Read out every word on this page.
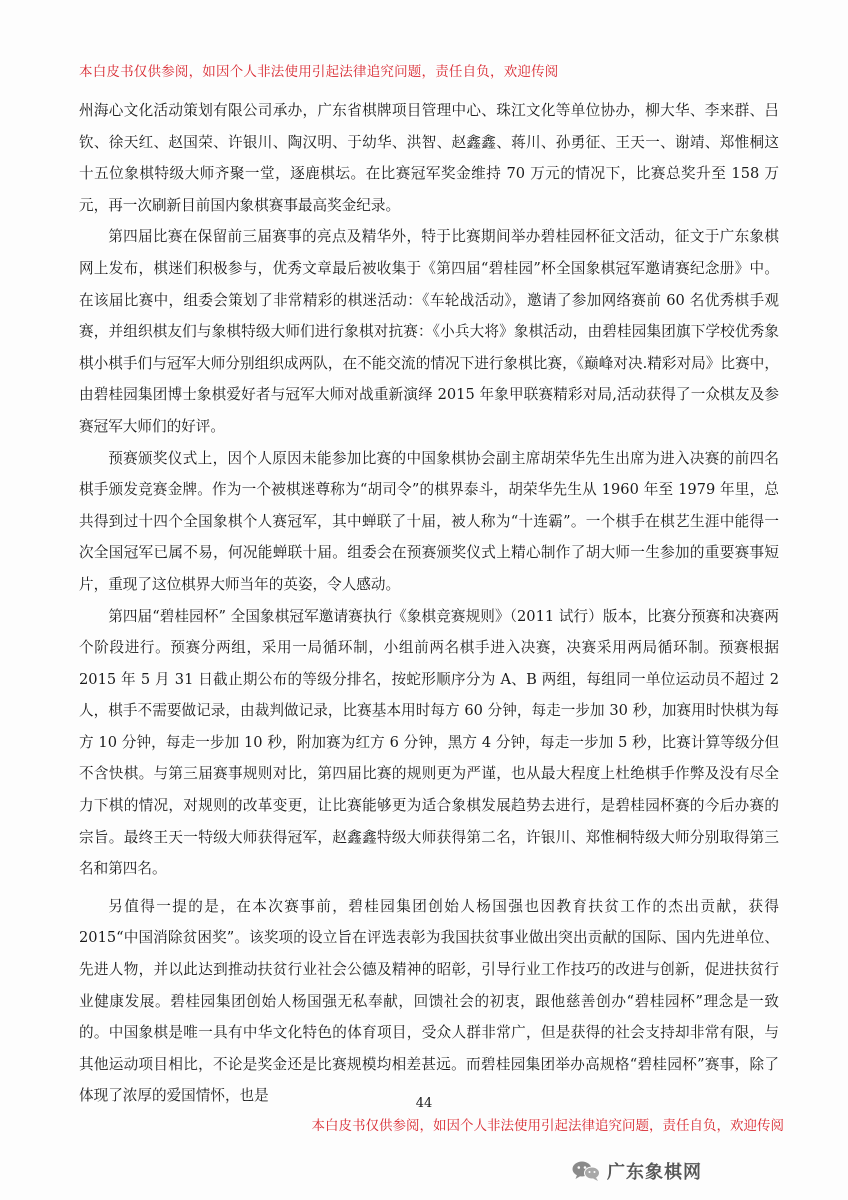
本白皮书仅供参阅，如因个人非法使用引起法律追究问题，责任自负，欢迎传阅

州海心文化活动策划有限公司承办，广东省棋牌项目管理中心、珠江文化等单位协办，柳大华、李来群、吕钦、徐天红、赵国荣、许银川、陶汉明、于幼华、洪智、赵鑫鑫、蒋川、孙勇征、王天一、谢靖、郑惟桐这十五位象棋特级大师齐聚一堂，逐鹿棋坛。在比赛冠军奖金维持 70 万元的情况下，比赛总奖升至 158 万元，再一次刷新目前国内象棋赛事最高奖金纪录。

第四届比赛在保留前三届赛事的亮点及精华外，特于比赛期间举办碧桂园杯征文活动，征文于广东象棋网上发布，棋迷们积极参与，优秀文章最后被收集于《第四届“碧桂园”杯全国象棋冠军邀请赛纪念册》中。在该届比赛中，组委会策划了非常精彩的棋迷活动：《车轮战活动》，邀请了参加网络赛前 60 名优秀棋手观赛，并组织棋友们与象棋特级大师们进行象棋对抗赛：《小兵大将》象棋活动，由碧桂园集团旗下学校优秀象棋小棋手们与冠军大师分别组织成两队，在不能交流的情况下进行象棋比赛，《巅峰对决.精彩对局》比赛中，由碧桂园集团博士象棋爱好者与冠军大师对战重新演绎 2015 年象甲联赛精彩对局,活动获得了一众棋友及参赛冠军大师们的好评。

预赛颁奖仪式上，因个人原因未能参加比赛的中国象棋协会副主席胡荣华先生出席为进入决赛的前四名棋手颁发竞赛金牌。作为一个被棋迷尊称为“胡司令”的棋界泰斗，胡荣华先生从 1960 年至 1979 年里，总共得到过十四个全国象棋个人赛冠军，其中蝉联了十届，被人称为“十连霸”。一个棋手在棋艺生涯中能得一次全国冠军已属不易，何况能蝉联十届。组委会在预赛颁奖仪式上精心制作了胡大师一生参加的重要赛事短片，重现了这位棋界大师当年的英姿，令人感动。

第四届“碧桂园杯” 全国象棋冠军邀请赛执行《象棋竞赛规则》（2011 试行）版本，比赛分预赛和决赛两个阶段进行。预赛分两组，采用一局循环制，小组前两名棋手进入决赛，决赛采用两局循环制。预赛根据 2015 年 5 月 31 日截止期公布的等级分排名，按蛇形顺序分为 A、B 两组，每组同一单位运动员不超过 2 人，棋手不需要做记录，由裁判做记录，比赛基本用时每方 60 分钟，每走一步加 30 秒，加赛用时快棋为每方 10 分钟，每走一步加 10 秒，附加赛为红方 6 分钟，黑方 4 分钟，每走一步加 5 秒，比赛计算等级分但不含快棋。与第三届赛事规则对比，第四届比赛的规则更为严谨，也从最大程度上杜绝棋手作弊及没有尽全力下棋的情况，对规则的改革变更，让比赛能够更为适合象棋发展趋势去进行，是碧桂园杯赛的今后办赛的宗旨。最终王天一特级大师获得冠军，赵鑫鑫特级大师获得第二名，许银川、郑惟桐特级大师分别取得第三名和第四名。

另值得一提的是，在本次赛事前，碧桂园集团创始人杨国强也因教育扶贫工作的杰出贡献，获得 2015“中国消除贫困奖”。该奖项的设立旨在评选表彰为我国扶贫事业做出突出贡献的国际、国内先进单位、先进人物，并以此达到推动扶贫行业社会公德及精神的昭彰，引导行业工作技巧的改进与创新，促进扶贫行业健康发展。碧桂园集团创始人杨国强无私奉献，回馈社会的初衷，跟他慈善创办“碧桂园杯”理念是一致的。中国象棋是唯一具有中华文化特色的体育项目，受众人群非常广，但是获得的社会支持却非常有限，与其他运动项目相比，不论是奖金还是比赛规模均相差甚远。而碧桂园集团举办高规格“碧桂园杯”赛事，除了体现了浓厚的爱国情怀，也是	44
本白皮书仅供参阅，如因个人非法使用引起法律追究问题，责任自负，欢迎传阅
广东象棋网
